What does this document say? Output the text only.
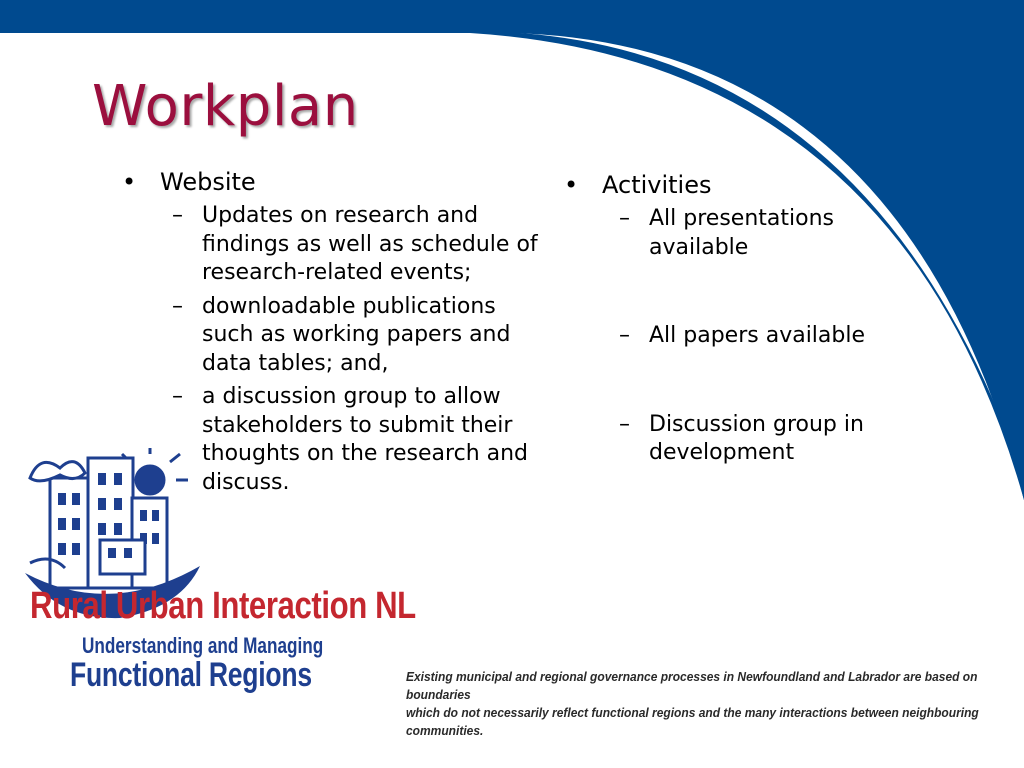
Workplan
• Website
– Updates on research and findings as well as schedule of research-related events;
– downloadable publications such as working papers and data tables; and,
– a discussion group to allow stakeholders to submit their thoughts on the research and discuss.
• Activities
– All presentations available
– All papers available
– Discussion group in development
Rural Urban Interaction NL
Understanding and Managing
Functional Regions	Existing municipal and regional governance processes in Newfoundland and Labrador are based on boundaries
which do not necessarily reflect functional regions and the many interactions between neighbouring communities.
